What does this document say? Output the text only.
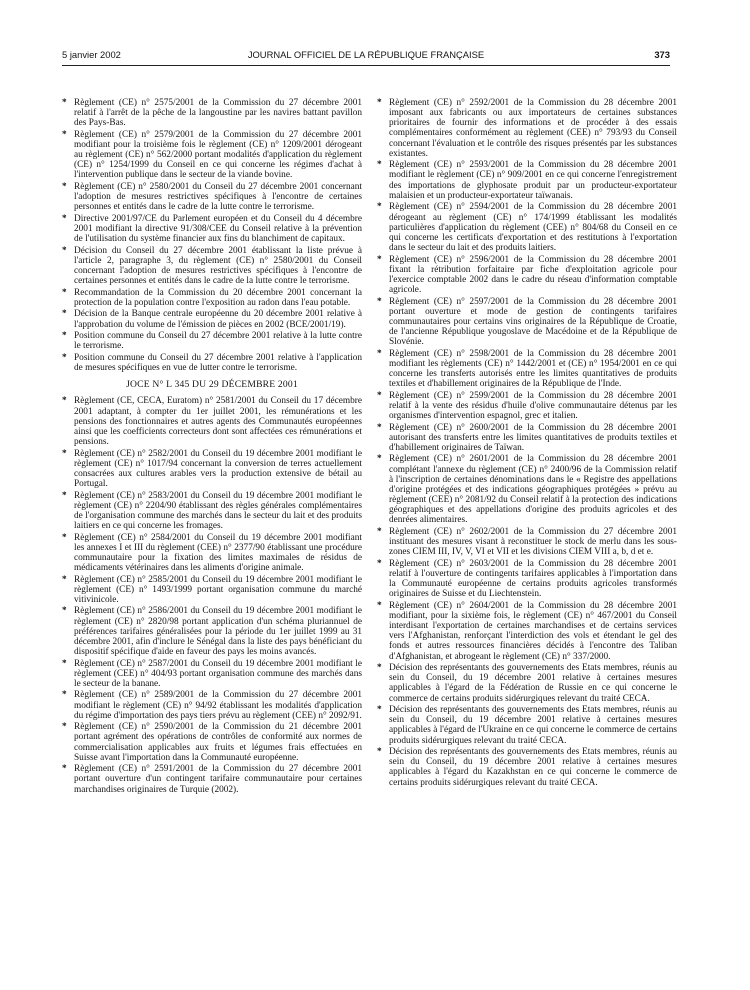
5 janvier 2002	JOURNAL OFFICIEL DE LA RÉPUBLIQUE FRANÇAISE	373

* Règlement (CE) n° 2575/2001 de la Commission du 27 décembre 2001 relatif à l'arrêt de la pêche de la langoustine par les navires battant pavillon des Pays-Bas.

* Règlement (CE) n° 2579/2001 de la Commission du 27 décembre 2001 modifiant pour la troisième fois le règlement (CE) n° 1209/2001 dérogeant au règlement (CE) n° 562/2000 portant modalités d'application du règlement (CE) n° 1254/1999 du Conseil en ce qui concerne les régimes d'achat à l'intervention publique dans le secteur de la viande bovine.

* Règlement (CE) n° 2580/2001 du Conseil du 27 décembre 2001 concernant l'adoption de mesures restrictives spécifiques à l'encontre de certaines personnes et entités dans le cadre de la lutte contre le terrorisme.

* Directive 2001/97/CE du Parlement européen et du Conseil du 4 décembre 2001 modifiant la directive 91/308/CEE du Conseil relative à la prévention de l'utilisation du système financier aux fins du blanchiment de capitaux.

* Décision du Conseil du 27 décembre 2001 établissant la liste prévue à l'article 2, paragraphe 3, du règlement (CE) n° 2580/2001 du Conseil concernant l'adoption de mesures restrictives spécifiques à l'encontre de certaines personnes et entités dans le cadre de la lutte contre le terrorisme.

* Recommandation de la Commission du 20 décembre 2001 concernant la protection de la population contre l'exposition au radon dans l'eau potable.

* Décision de la Banque centrale européenne du 20 décembre 2001 relative à l'approbation du volume de l'émission de pièces en 2002 (BCE/2001/19).

* Position commune du Conseil du 27 décembre 2001 relative à la lutte contre le terrorisme.

* Position commune du Conseil du 27 décembre 2001 relative à l'application de mesures spécifiques en vue de lutter contre le terrorisme.

JOCE N° L 345 DU 29 DÉCEMBRE 2001

* Règlement (CE, CECA, Euratom) n° 2581/2001 du Conseil du 17 décembre 2001 adaptant, à compter du 1er juillet 2001, les rémunérations et les pensions des fonctionnaires et autres agents des Communautés européennes ainsi que les coefficients correcteurs dont sont affectées ces rémunérations et pensions.

* Règlement (CE) n° 2582/2001 du Conseil du 19 décembre 2001 modifiant le règlement (CE) n° 1017/94 concernant la conversion de terres actuellement consacrées aux cultures arables vers la production extensive de bétail au Portugal.

* Règlement (CE) n° 2583/2001 du Conseil du 19 décembre 2001 modifiant le règlement (CE) n° 2204/90 établissant des règles générales complémentaires de l'organisation commune des marchés dans le secteur du lait et des produits laitiers en ce qui concerne les fromages.

* Règlement (CE) n° 2584/2001 du Conseil du 19 décembre 2001 modifiant les annexes I et III du règlement (CEE) n° 2377/90 établissant une procédure communautaire pour la fixation des limites maximales de résidus de médicaments vétérinaires dans les aliments d'origine animale.

* Règlement (CE) n° 2585/2001 du Conseil du 19 décembre 2001 modifiant le règlement (CE) n° 1493/1999 portant organisation commune du marché vitivinicole.

* Règlement (CE) n° 2586/2001 du Conseil du 19 décembre 2001 modifiant le règlement (CE) n° 2820/98 portant application d'un schéma pluriannuel de préférences tarifaires généralisées pour la période du 1er juillet 1999 au 31 décembre 2001, afin d'inclure le Sénégal dans la liste des pays bénéficiant du dispositif spécifique d'aide en faveur des pays les moins avancés.

* Règlement (CE) n° 2587/2001 du Conseil du 19 décembre 2001 modifiant le règlement (CEE) n° 404/93 portant organisation commune des marchés dans le secteur de la banane.

* Règlement (CE) n° 2589/2001 de la Commission du 27 décembre 2001 modifiant le règlement (CE) n° 94/92 établissant les modalités d'application du régime d'importation des pays tiers prévu au règlement (CEE) n° 2092/91.

* Règlement (CE) n° 2590/2001 de la Commission du 21 décembre 2001 portant agrément des opérations de contrôles de conformité aux normes de commercialisation applicables aux fruits et légumes frais effectuées en Suisse avant l'importation dans la Communauté européenne.

* Règlement (CE) n° 2591/2001 de la Commission du 27 décembre 2001 portant ouverture d'un contingent tarifaire communautaire pour certaines marchandises originaires de Turquie (2002).

* Règlement (CE) n° 2592/2001 de la Commission du 28 décembre 2001 imposant aux fabricants ou aux importateurs de certaines substances prioritaires de fournir des informations et de procéder à des essais complémentaires conformément au règlement (CEE) n° 793/93 du Conseil concernant l'évaluation et le contrôle des risques présentés par les substances existantes.

* Règlement (CE) n° 2593/2001 de la Commission du 28 décembre 2001 modifiant le règlement (CE) n° 909/2001 en ce qui concerne l'enregistrement des importations de glyphosate produit par un producteur-exportateur malaisien et un producteur-exportateur taïwanais.

* Règlement (CE) n° 2594/2001 de la Commission du 28 décembre 2001 dérogeant au règlement (CE) n° 174/1999 établissant les modalités particulières d'application du règlement (CEE) n° 804/68 du Conseil en ce qui concerne les certificats d'exportation et des restitutions à l'exportation dans le secteur du lait et des produits laitiers.

* Règlement (CE) n° 2596/2001 de la Commission du 28 décembre 2001 fixant la rétribution forfaitaire par fiche d'exploitation agricole pour l'exercice comptable 2002 dans le cadre du réseau d'information comptable agricole.

* Règlement (CE) n° 2597/2001 de la Commission du 28 décembre 2001 portant ouverture et mode de gestion de contingents tarifaires communautaires pour certains vins originaires de la République de Croatie, de l'ancienne République yougoslave de Macédoine et de la République de Slovénie.

* Règlement (CE) n° 2598/2001 de la Commission du 28 décembre 2001 modifiant les règlements (CE) n° 1442/2001 et (CE) n° 1954/2001 en ce qui concerne les transferts autorisés entre les limites quantitatives de produits textiles et d'habillement originaires de la République de l'Inde.

* Règlement (CE) n° 2599/2001 de la Commission du 28 décembre 2001 relatif à la vente des résidus d'huile d'olive communautaire détenus par les organismes d'intervention espagnol, grec et italien.

* Règlement (CE) n° 2600/2001 de la Commission du 28 décembre 2001 autorisant des transferts entre les limites quantitatives de produits textiles et d'habillement originaires de Taïwan.

* Règlement (CE) n° 2601/2001 de la Commission du 28 décembre 2001 complétant l'annexe du règlement (CE) n° 2400/96 de la Commission relatif à l'inscription de certaines dénominations dans le « Registre des appellations d'origine protégées et des indications géographiques protégées » prévu au règlement (CEE) n° 2081/92 du Conseil relatif à la protection des indications géographiques et des appellations d'origine des produits agricoles et des denrées alimentaires.

* Règlement (CE) n° 2602/2001 de la Commission du 27 décembre 2001 instituant des mesures visant à reconstituer le stock de merlu dans les sous-zones CIEM III, IV, V, VI et VII et les divisions CIEM VIII a, b, d et e.

* Règlement (CE) n° 2603/2001 de la Commission du 28 décembre 2001 relatif à l'ouverture de contingents tarifaires applicables à l'importation dans la Communauté européenne de certains produits agricoles transformés originaires de Suisse et du Liechtenstein.

* Règlement (CE) n° 2604/2001 de la Commission du 28 décembre 2001 modifiant, pour la sixième fois, le règlement (CE) n° 467/2001 du Conseil interdisant l'exportation de certaines marchandises et de certains services vers l'Afghanistan, renforçant l'interdiction des vols et étendant le gel des fonds et autres ressources financières décidés à l'encontre des Taliban d'Afghanistan, et abrogeant le règlement (CE) n° 337/2000.

* Décision des représentants des gouvernements des Etats membres, réunis au sein du Conseil, du 19 décembre 2001 relative à certaines mesures applicables à l'égard de la Fédération de Russie en ce qui concerne le commerce de certains produits sidérurgiques relevant du traité CECA.

* Décision des représentants des gouvernements des Etats membres, réunis au sein du Conseil, du 19 décembre 2001 relative à certaines mesures applicables à l'égard de l'Ukraine en ce qui concerne le commerce de certains produits sidérurgiques relevant du traité CECA.

* Décision des représentants des gouvernements des Etats membres, réunis au sein du Conseil, du 19 décembre 2001 relative à certaines mesures applicables à l'égard du Kazakhstan en ce qui concerne le commerce de certains produits sidérurgiques relevant du traité CECA.
